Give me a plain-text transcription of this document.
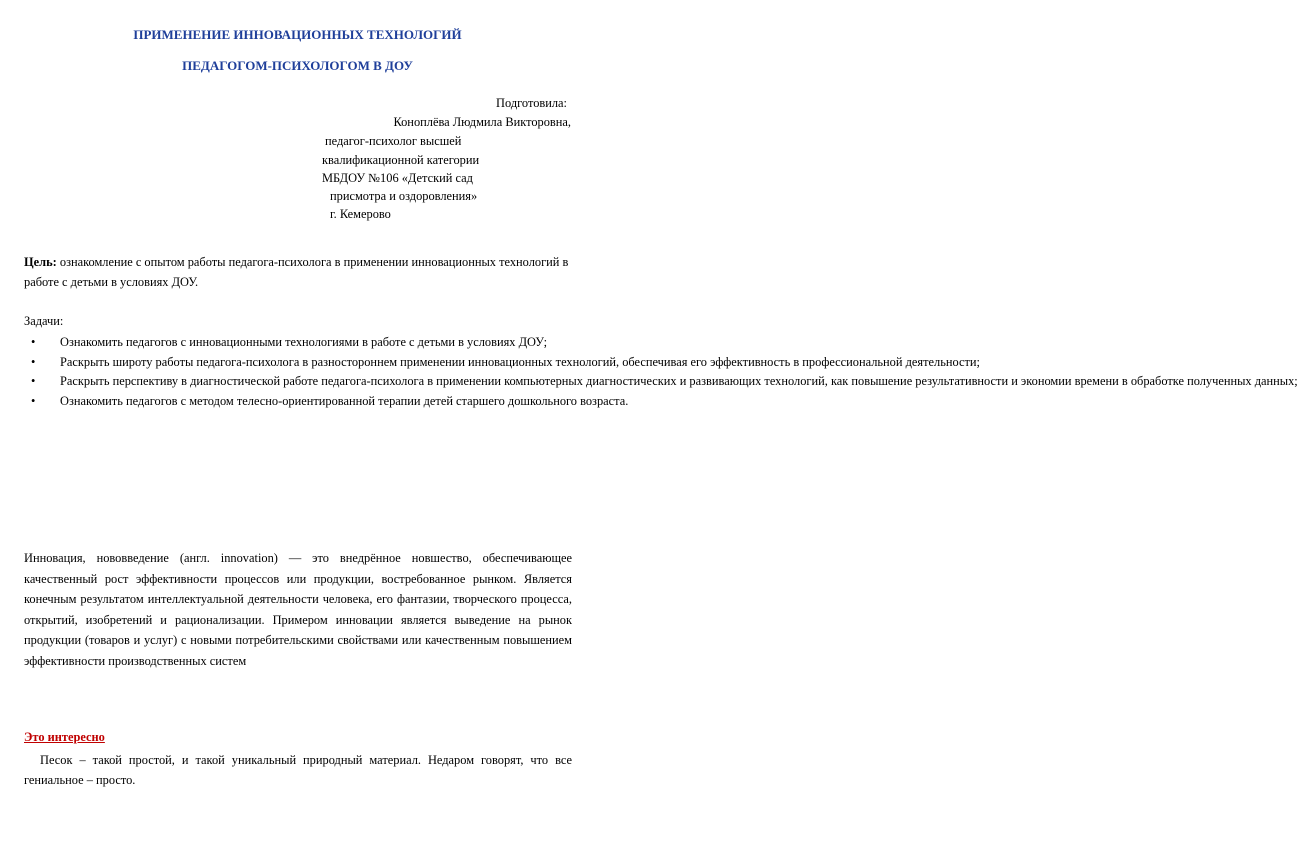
ПРИМЕНЕНИЕ ИННОВАЦИОННЫХ ТЕХНОЛОГИЙ
ПЕДАГОГОМ-ПСИХОЛОГОМ В ДОУ
Подготовила:
Коноплёва Людмила Викторовна,
педагог-психолог высшей
квалификационной категории
МБДОУ №106 «Детский сад
присмотра и оздоровления»
г. Кемерово
Цель: ознакомление с опытом работы педагога-психолога в применении инновационных технологий в работе с детьми в условиях ДОУ.
Задачи:
• Ознакомить педагогов с инновационными технологиями в работе с детьми в условиях ДОУ;
• Раскрыть широту работы педагога-психолога в разностороннем применении инновационных технологий, обеспечивая его эффективность в профессиональной деятельности;
• Раскрыть перспективу в диагностической работе педагога-психолога в применении компьютерных диагностических и развивающих технологий, как повышение результативности и экономии времени в обработке полученных данных;
• Ознакомить педагогов с методом телесно-ориентированной терапии детей старшего дошкольного возраста.
Инновация, нововведение (англ. innovation) — это внедрённое новшество, обеспечивающее качественный рост эффективности процессов или продукции, востребованное рынком. Является конечным результатом интеллектуальной деятельности человека, его фантазии, творческого процесса, открытий, изобретений и рационализации. Примером инновации является выведение на рынок продукции (товаров и услуг) с новыми потребительскими свойствами или качественным повышением эффективности производственных систем
Это интересно
Песок – такой простой, и такой уникальный природный материал. Недаром говорят, что все гениальное – просто.
